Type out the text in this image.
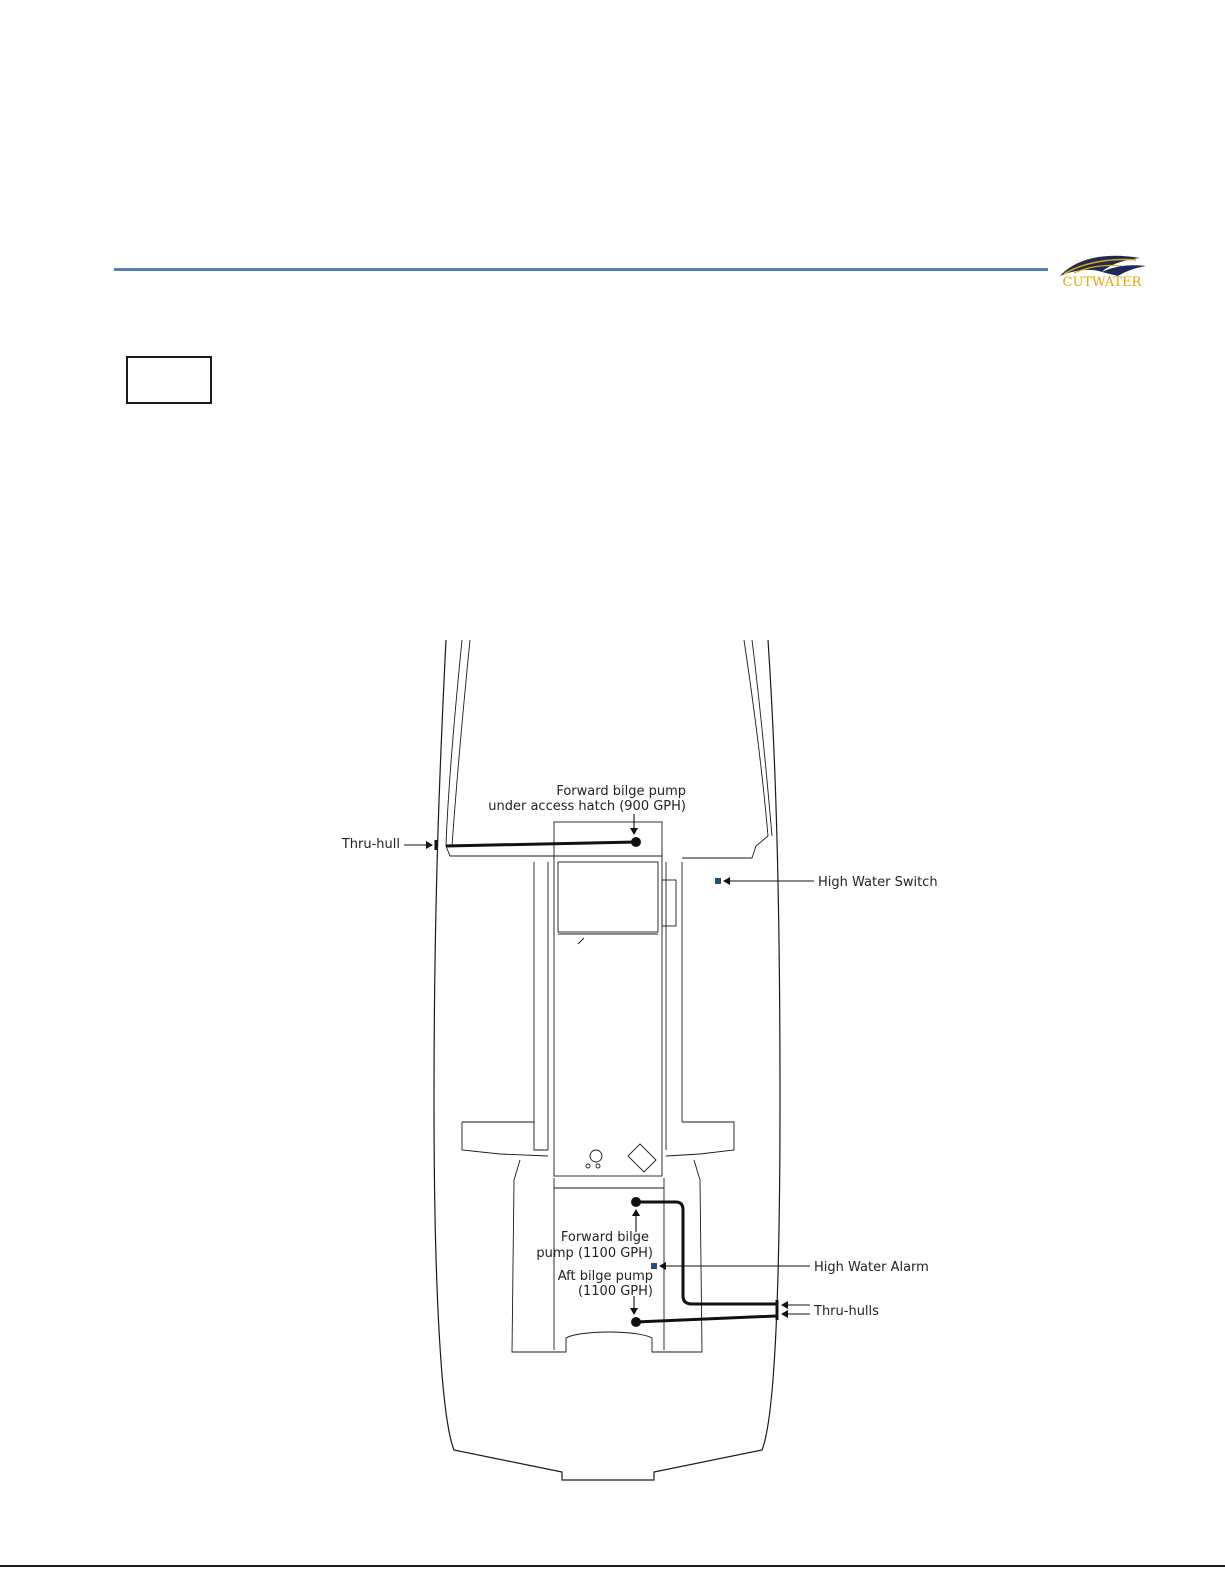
CUTWATER
Forward bilge pump
under access hatch (900 GPH)
Thru-hull
High Water Switch
Forward bilge
pump (1100 GPH)
High Water Alarm
Aft bilge pump
(1100 GPH)
Thru-hulls
